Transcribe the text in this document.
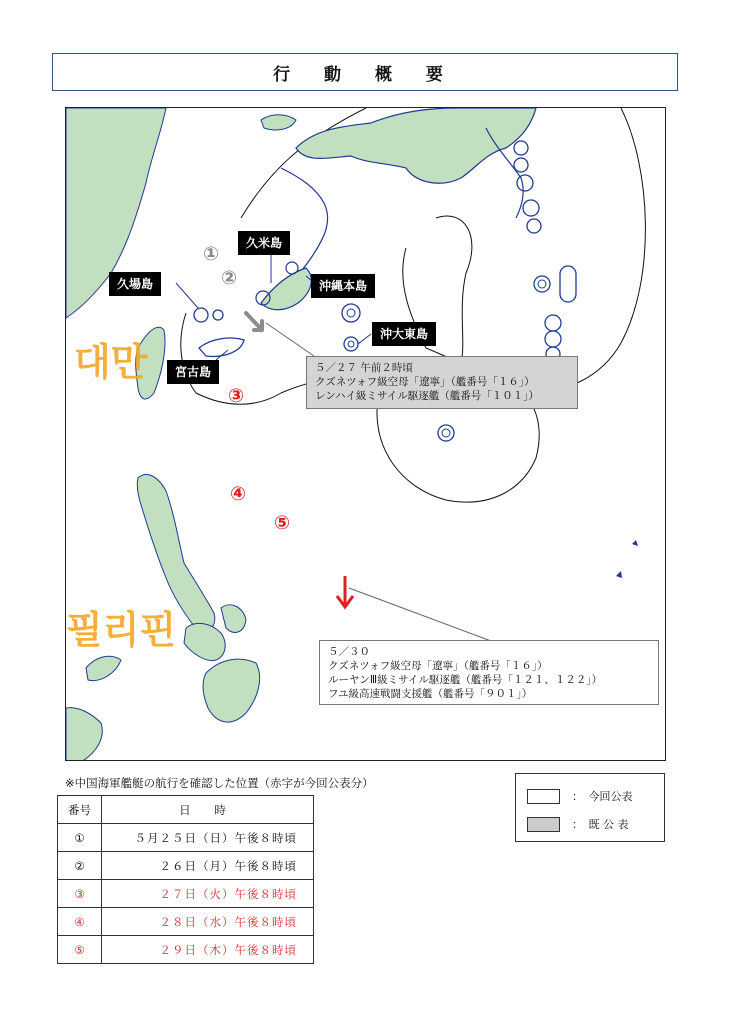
行 動 概 要
久米島
久場島	沖縄本島
沖大東島
宮古島
①
②
③
④
⑤
대만
필리핀
５／２７ 午前２時頃
クズネツォフ級空母「遼寧」（艦番号「１６」）
レンハイ級ミサイル駆逐艦（艦番号「１０１」）
５／３０
クズネツォフ級空母「遼寧」（艦番号「１６」）
ルーヤンⅢ級ミサイル駆逐艦（艦番号「１２１、１２２」）
フユ級高速戦闘支援艦（艦番号「９０１」）
※中国海軍艦艇の航行を確認した位置（赤字が今回公表分）
番号	日 時
①	５月２５日（日）午後８時頃
②	２６日（月）午後８時頃
③	２７日（火）午後８時頃
④	２８日（水）午後８時頃
⑤	２９日（木）午後８時頃
：　今回公表
：　既 公 表
